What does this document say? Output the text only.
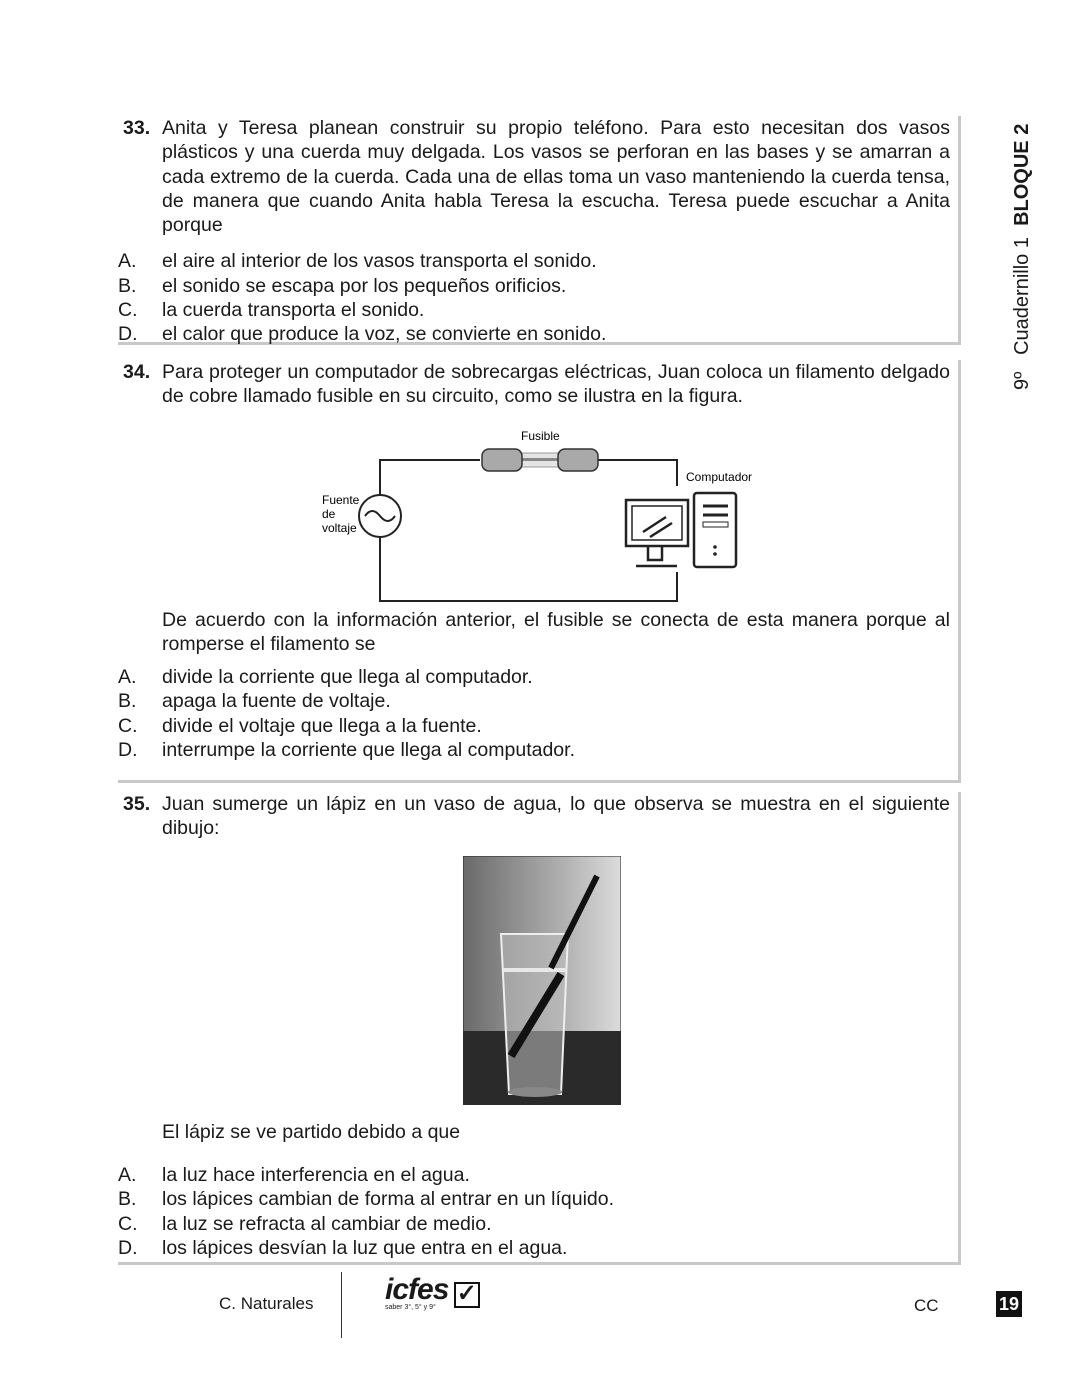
9º   Cuadernillo 1  BLOQUE 2
33. Anita y Teresa planean construir su propio teléfono. Para esto necesitan dos vasos plásticos y una cuerda muy delgada. Los vasos se perforan en las bases y se amarran a cada extremo de la cuerda. Cada una de ellas toma un vaso manteniendo la cuerda tensa, de manera que cuando Anita habla Teresa la escucha. Teresa puede escuchar a Anita porque
A.	el aire al interior de los vasos transporta el sonido.
B.	el sonido se escapa por los pequeños orificios.
C.	la cuerda transporta el sonido.
D.	el calor que produce la voz, se convierte en sonido.
34. Para proteger un computador de sobrecargas eléctricas, Juan coloca un filamento delgado de cobre llamado fusible en su circuito, como se ilustra en la figura.
Fusible
Computador
Fuente
de
voltaje
De acuerdo con la información anterior, el fusible se conecta de esta manera porque al romperse el filamento se
A.	divide la corriente que llega al computador.
B.	apaga la fuente de voltaje.
C.	divide el voltaje que llega a la fuente.
D.	interrumpe la corriente que llega al computador.
35. Juan sumerge un lápiz en un vaso de agua, lo que observa se muestra en el siguiente dibujo:
El lápiz se ve partido debido a que
A.	la luz hace interferencia en el agua.
B.	los lápices cambian de forma al entrar en un líquido.
C.	la luz se refracta al cambiar de medio.
D.	los lápices desvían la luz que entra en el agua.
C. Naturales icfes ✓
saber 3°, 5° y 9°	CC	19
